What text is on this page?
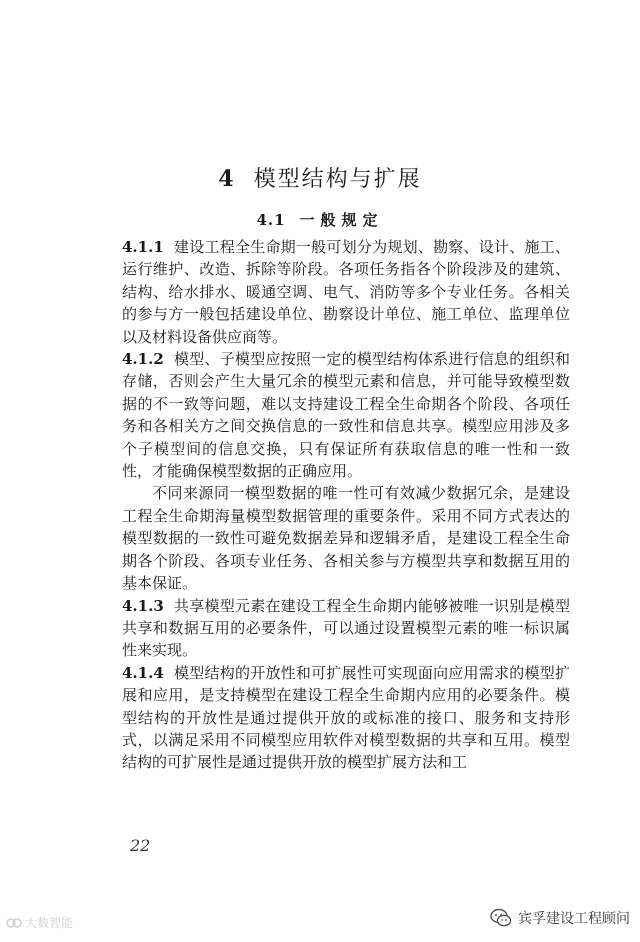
4 模型结构与扩展
4.1 一般规定

4.1.1 建设工程全生命期一般可划分为规划、勘察、设计、施工、运行维护、改造、拆除等阶段。各项任务指各个阶段涉及的建筑、结构、给水排水、暖通空调、电气、消防等多个专业任务。各相关的参与方一般包括建设单位、勘察设计单位、施工单位、监理单位以及材料设备供应商等。

4.1.2 模型、子模型应按照一定的模型结构体系进行信息的组织和存储，否则会产生大量冗余的模型元素和信息，并可能导致模型数据的不一致等问题，难以支持建设工程全生命期各个阶段、各项任务和各相关方之间交换信息的一致性和信息共享。模型应用涉及多个子模型间的信息交换，只有保证所有获取信息的唯一性和一致性，才能确保模型数据的正确应用。

不同来源同一模型数据的唯一性可有效减少数据冗余，是建设工程全生命期海量模型数据管理的重要条件。采用不同方式表达的模型数据的一致性可避免数据差异和逻辑矛盾，是建设工程全生命期各个阶段、各项专业任务、各相关参与方模型共享和数据互用的基本保证。

4.1.3 共享模型元素在建设工程全生命期内能够被唯一识别是模型共享和数据互用的必要条件，可以通过设置模型元素的唯一标识属性来实现。

4.1.4 模型结构的开放性和可扩展性可实现面向应用需求的模型扩展和应用，是支持模型在建设工程全生命期内应用的必要条件。模型结构的开放性是通过提供开放的或标准的接口、服务和支持形式，以满足采用不同模型应用软件对模型数据的共享和互用。模型结构的可扩展性是通过提供开放的模型扩展方法和工

22
大数智能	宾孚建设工程顾问
